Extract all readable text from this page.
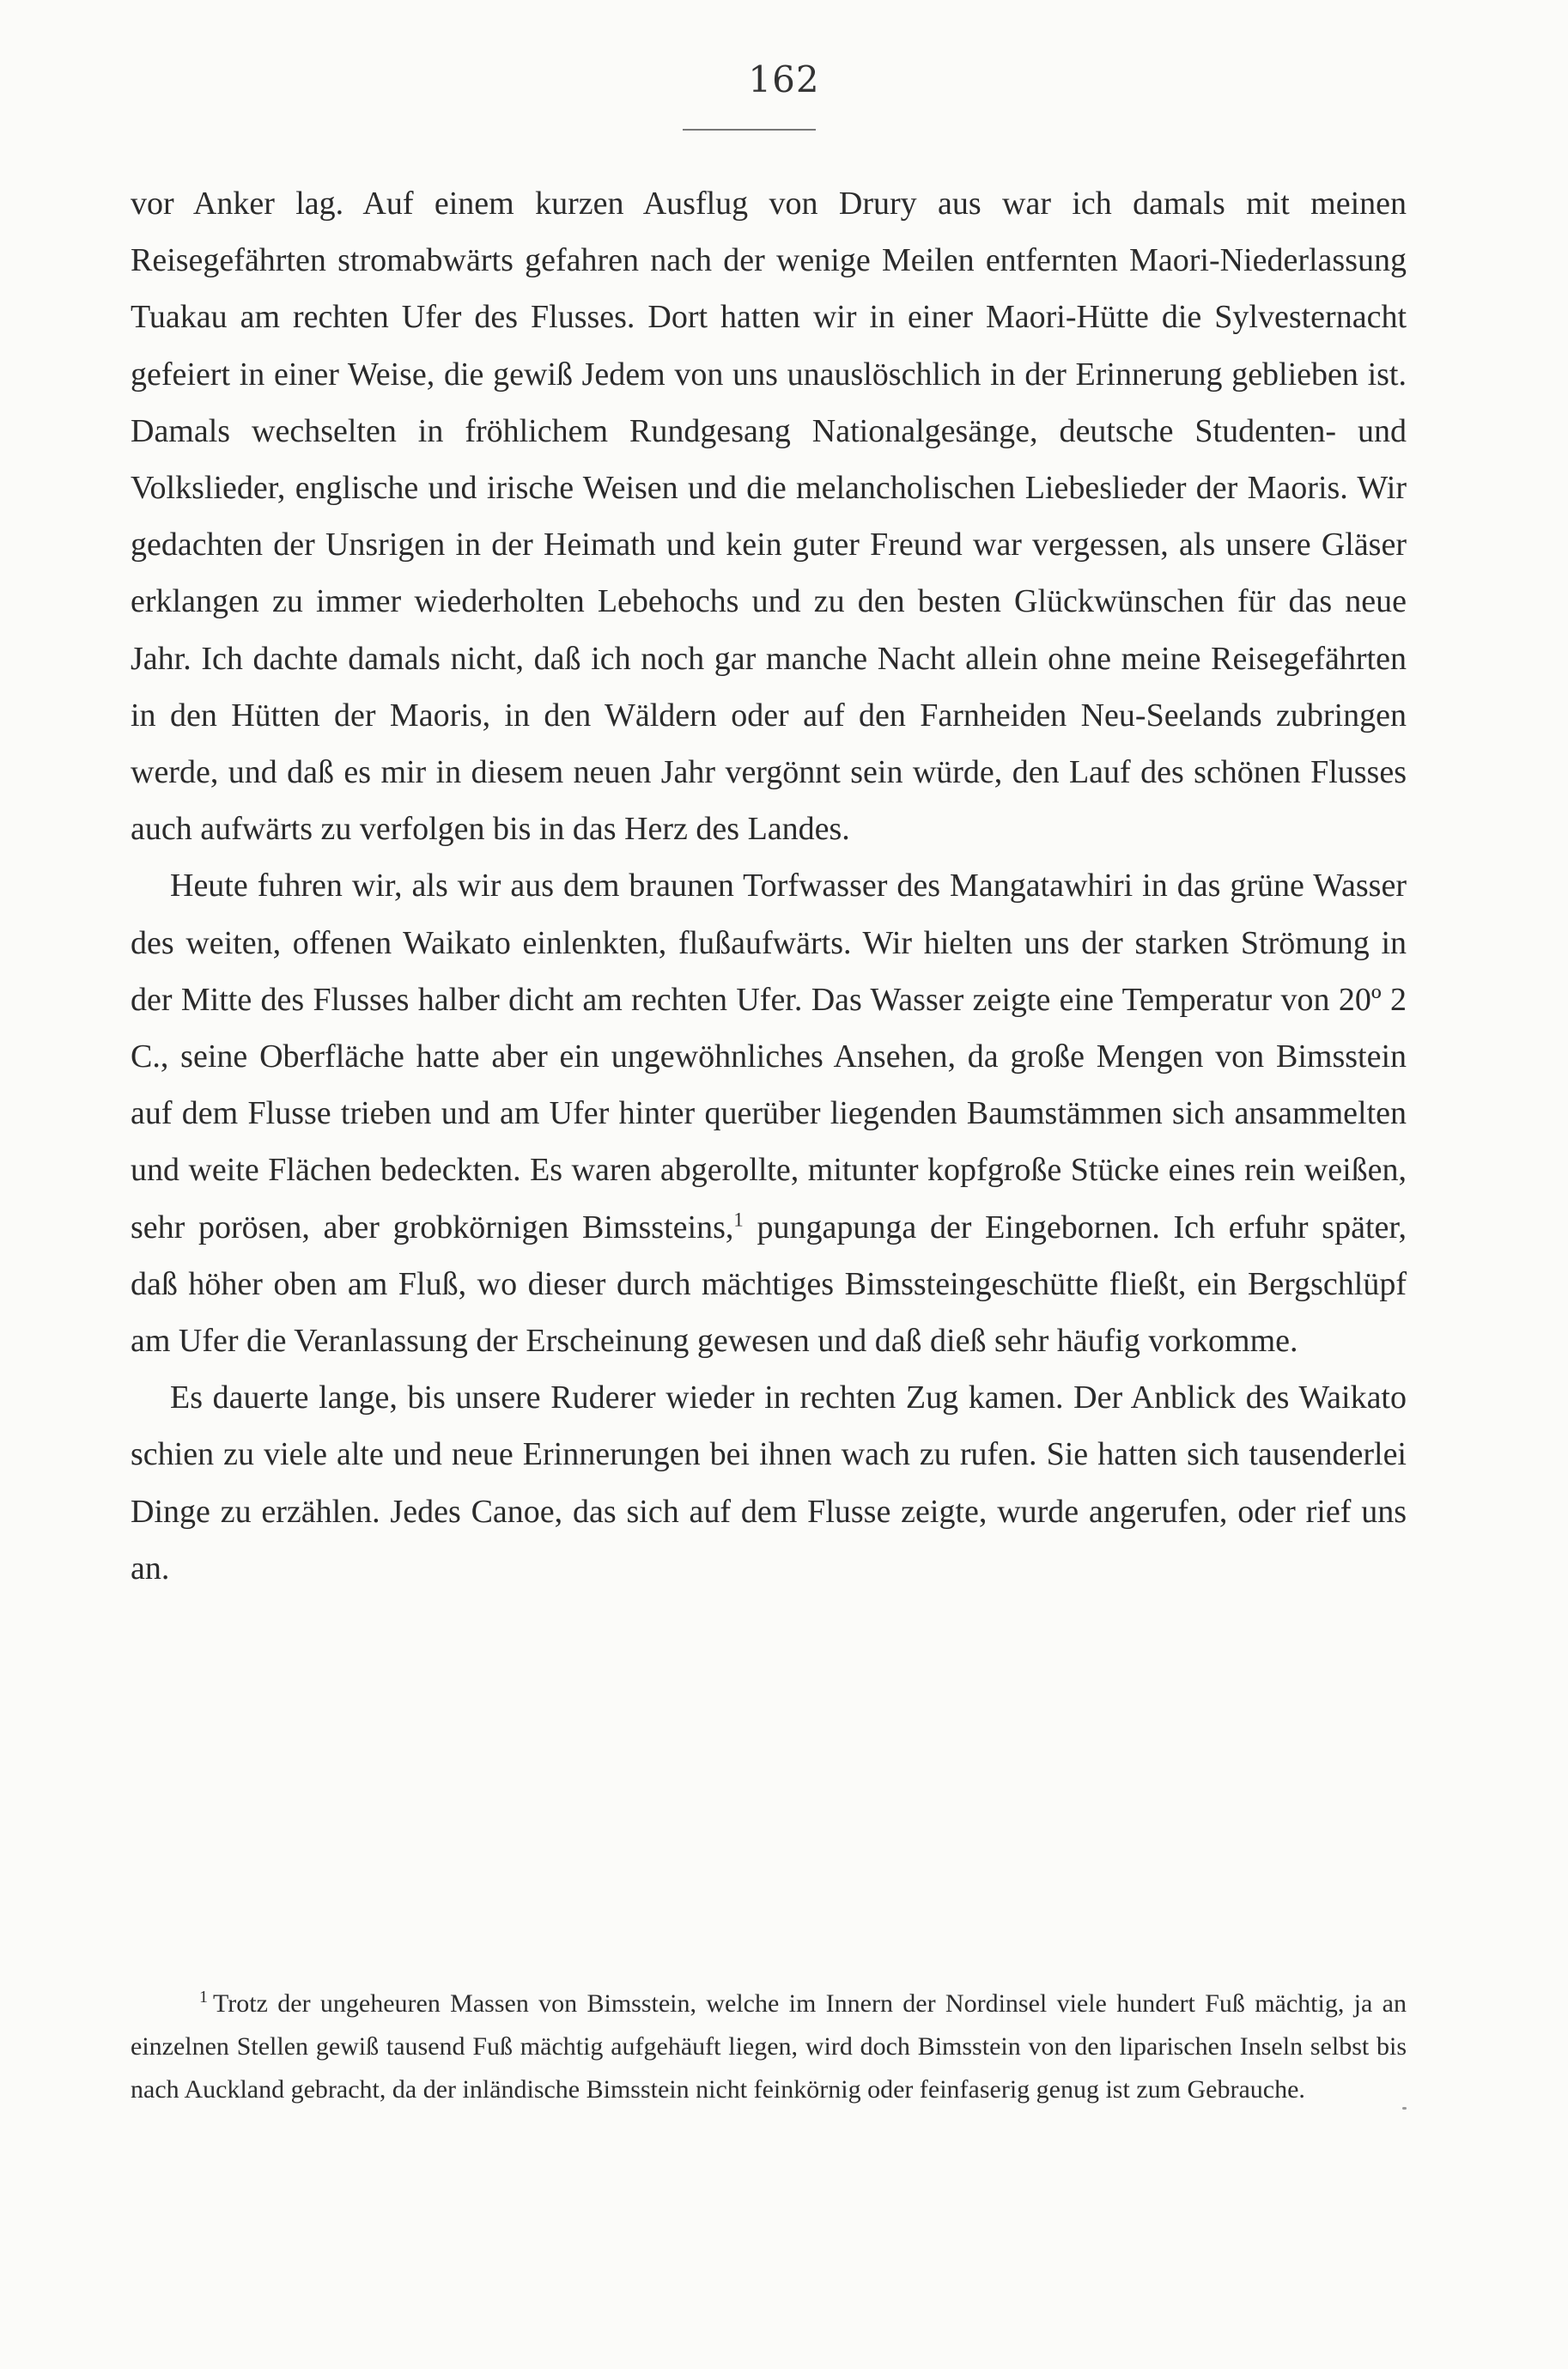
162

vor Anker lag. Auf einem kurzen Ausflug von Drury aus war ich damals mit meinen Reisegefährten stromabwärts gefahren nach der wenige Meilen entfernten Maori-Niederlassung Tuakau am rechten Ufer des Flusses. Dort hatten wir in einer Maori-Hütte die Sylvesternacht gefeiert in einer Weise, die gewiß Jedem von uns unauslöschlich in der Erinnerung geblieben ist. Damals wechselten in fröhlichem Rundgesang Nationalgesänge, deutsche Studenten- und Volkslieder, englische und irische Weisen und die melancholischen Liebeslieder der Maoris. Wir gedachten der Unsrigen in der Heimath und kein guter Freund war vergessen, als unsere Gläser erklangen zu immer wiederholten Lebehochs und zu den besten Glückwünschen für das neue Jahr. Ich dachte damals nicht, daß ich noch gar manche Nacht allein ohne meine Reisegefährten in den Hütten der Maoris, in den Wäldern oder auf den Farnheiden Neu-Seelands zubringen werde, und daß es mir in diesem neuen Jahr vergönnt sein würde, den Lauf des schönen Flusses auch aufwärts zu verfolgen bis in das Herz des Landes.

Heute fuhren wir, als wir aus dem braunen Torfwasser des Mangatawhiri in das grüne Wasser des weiten, offenen Waikato einlenkten, flußaufwärts. Wir hielten uns der starken Strömung in der Mitte des Flusses halber dicht am rechten Ufer. Das Wasser zeigte eine Temperatur von 20º 2 C., seine Oberfläche hatte aber ein ungewöhnliches Ansehen, da große Mengen von Bimsstein auf dem Flusse trieben und am Ufer hinter querüber liegenden Baumstämmen sich ansammelten und weite Flächen bedeckten. Es waren abgerollte, mitunter kopfgroße Stücke eines rein weißen, sehr porösen, aber grobkörnigen Bimssteins,$^1$ pungapunga der Eingebornen. Ich erfuhr später, daß höher oben am Fluß, wo dieser durch mächtiges Bimssteingeschütte fließt, ein Bergschlüpf am Ufer die Veranlassung der Erscheinung gewesen und daß dieß sehr häufig vorkomme.

Es dauerte lange, bis unsere Ruderer wieder in rechten Zug kamen. Der Anblick des Waikato schien zu viele alte und neue Erinnerungen bei ihnen wach zu rufen. Sie hatten sich tausenderlei Dinge zu erzählen. Jedes Canoe, das sich auf dem Flusse zeigte, wurde angerufen, oder rief uns an.

$^1$ Trotz der ungeheuren Massen von Bimsstein, welche im Innern der Nordinsel viele hundert Fuß mächtig, ja an einzelnen Stellen gewiß tausend Fuß mächtig aufgehäuft liegen, wird doch Bimsstein von den liparischen Inseln selbst bis nach Auckland gebracht, da der inländische Bimsstein nicht feinkörnig oder feinfaserig genug ist zum Gebrauche.
